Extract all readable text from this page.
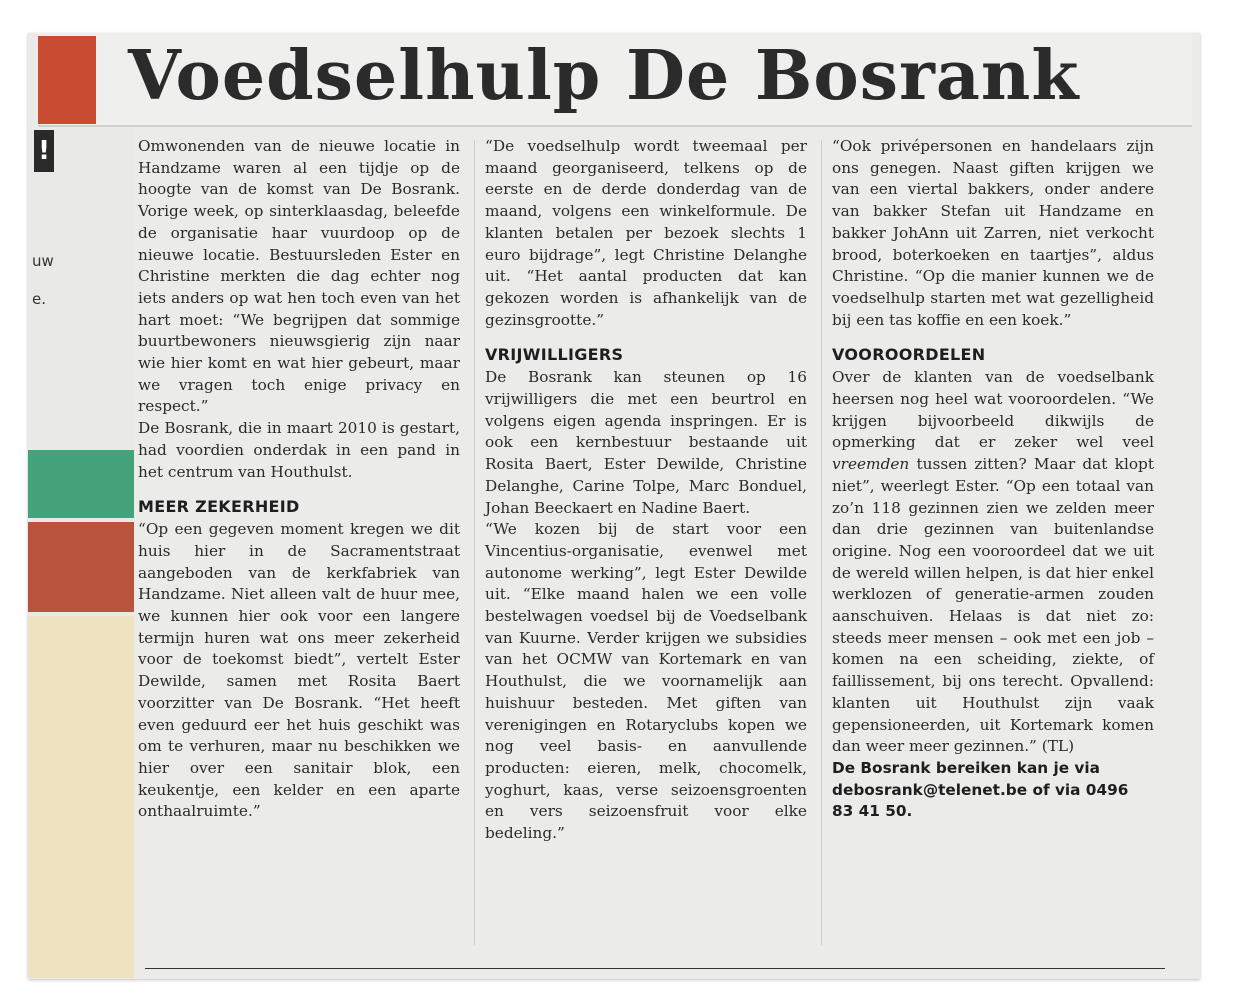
!
uw
e.
Voedselhulp De Bosrank

Omwonenden van de nieuwe locatie in Handzame waren al een tijdje op de hoogte van de komst van De Bosrank. Vorige week, op sinterklaasdag, beleefde de organisatie haar vuurdoop op de nieuwe locatie. Bestuursleden Ester en Christine merkten die dag echter nog iets anders op wat hen toch even van het hart moet: “We begrijpen dat sommige buurtbewoners nieuwsgierig zijn naar wie hier komt en wat hier gebeurt, maar we vragen toch enige privacy en respect.”

De Bosrank, die in maart 2010 is gestart, had voordien onderdak in een pand in het centrum van Houthulst.

MEER ZEKERHEID

“Op een gegeven moment kregen we dit huis hier in de Sacramentstraat aangeboden van de kerkfabriek van Handzame. Niet alleen valt de huur mee, we kunnen hier ook voor een langere termijn huren wat ons meer zekerheid voor de toekomst biedt”, vertelt Ester Dewilde, samen met Rosita Baert voorzitter van De Bosrank. “Het heeft even geduurd eer het huis geschikt was om te verhuren, maar nu beschikken we hier over een sanitair blok, een keukentje, een kelder en een aparte onthaalruimte.”

“De voedselhulp wordt tweemaal per maand georganiseerd, telkens op de eerste en de derde donderdag van de maand, volgens een winkelformule. De klanten betalen per bezoek slechts 1 euro bijdrage”, legt Christine Delanghe uit. “Het aantal producten dat kan gekozen worden is afhankelijk van de gezinsgrootte.”

VRIJWILLIGERS

De Bosrank kan steunen op 16 vrijwilligers die met een beurtrol en volgens eigen agenda inspringen. Er is ook een kernbestuur bestaande uit Rosita Baert, Ester Dewilde, Christine Delanghe, Carine Tolpe, Marc Bonduel, Johan Beeckaert en Nadine Baert.

“We kozen bij de start voor een Vincentius-organisatie, evenwel met autonome werking”, legt Ester Dewilde uit. “Elke maand halen we een volle bestelwagen voedsel bij de Voedselbank van Kuurne. Verder krijgen we subsidies van het OCMW van Kortemark en van Houthulst, die we voornamelijk aan huishuur besteden. Met giften van verenigingen en Rotaryclubs kopen we nog veel basis- en aanvullende producten: eieren, melk, chocomelk, yoghurt, kaas, verse seizoensgroenten en vers seizoensfruit voor elke bedeling.”

“Ook privépersonen en handelaars zijn ons genegen. Naast giften krijgen we van een viertal bakkers, onder andere van bakker Stefan uit Handzame en bakker JohAnn uit Zarren, niet verkocht brood, boterkoeken en taartjes”, aldus Christine. “Op die manier kunnen we de voedselhulp starten met wat gezelligheid bij een tas koffie en een koek.”

VOOROORDELEN

Over de klanten van de voedselbank heersen nog heel wat vooroordelen. “We krijgen bijvoorbeeld dikwijls de opmerking dat er zeker wel veel vreemden tussen zitten? Maar dat klopt niet”, weerlegt Ester. “Op een totaal van zo’n 118 gezinnen zien we zelden meer dan drie gezinnen van buitenlandse origine. Nog een vooroordeel dat we uit de wereld willen helpen, is dat hier enkel werklozen of generatie-armen zouden aanschuiven. Helaas is dat niet zo: steeds meer mensen – ook met een job – komen na een scheiding, ziekte, of faillissement, bij ons terecht. Opvallend: klanten uit Houthulst zijn vaak gepensioneerden, uit Kortemark komen dan weer meer gezinnen.” (TL)

De Bosrank bereiken kan je via debosrank@telenet.be of via 0496 83 41 50.
